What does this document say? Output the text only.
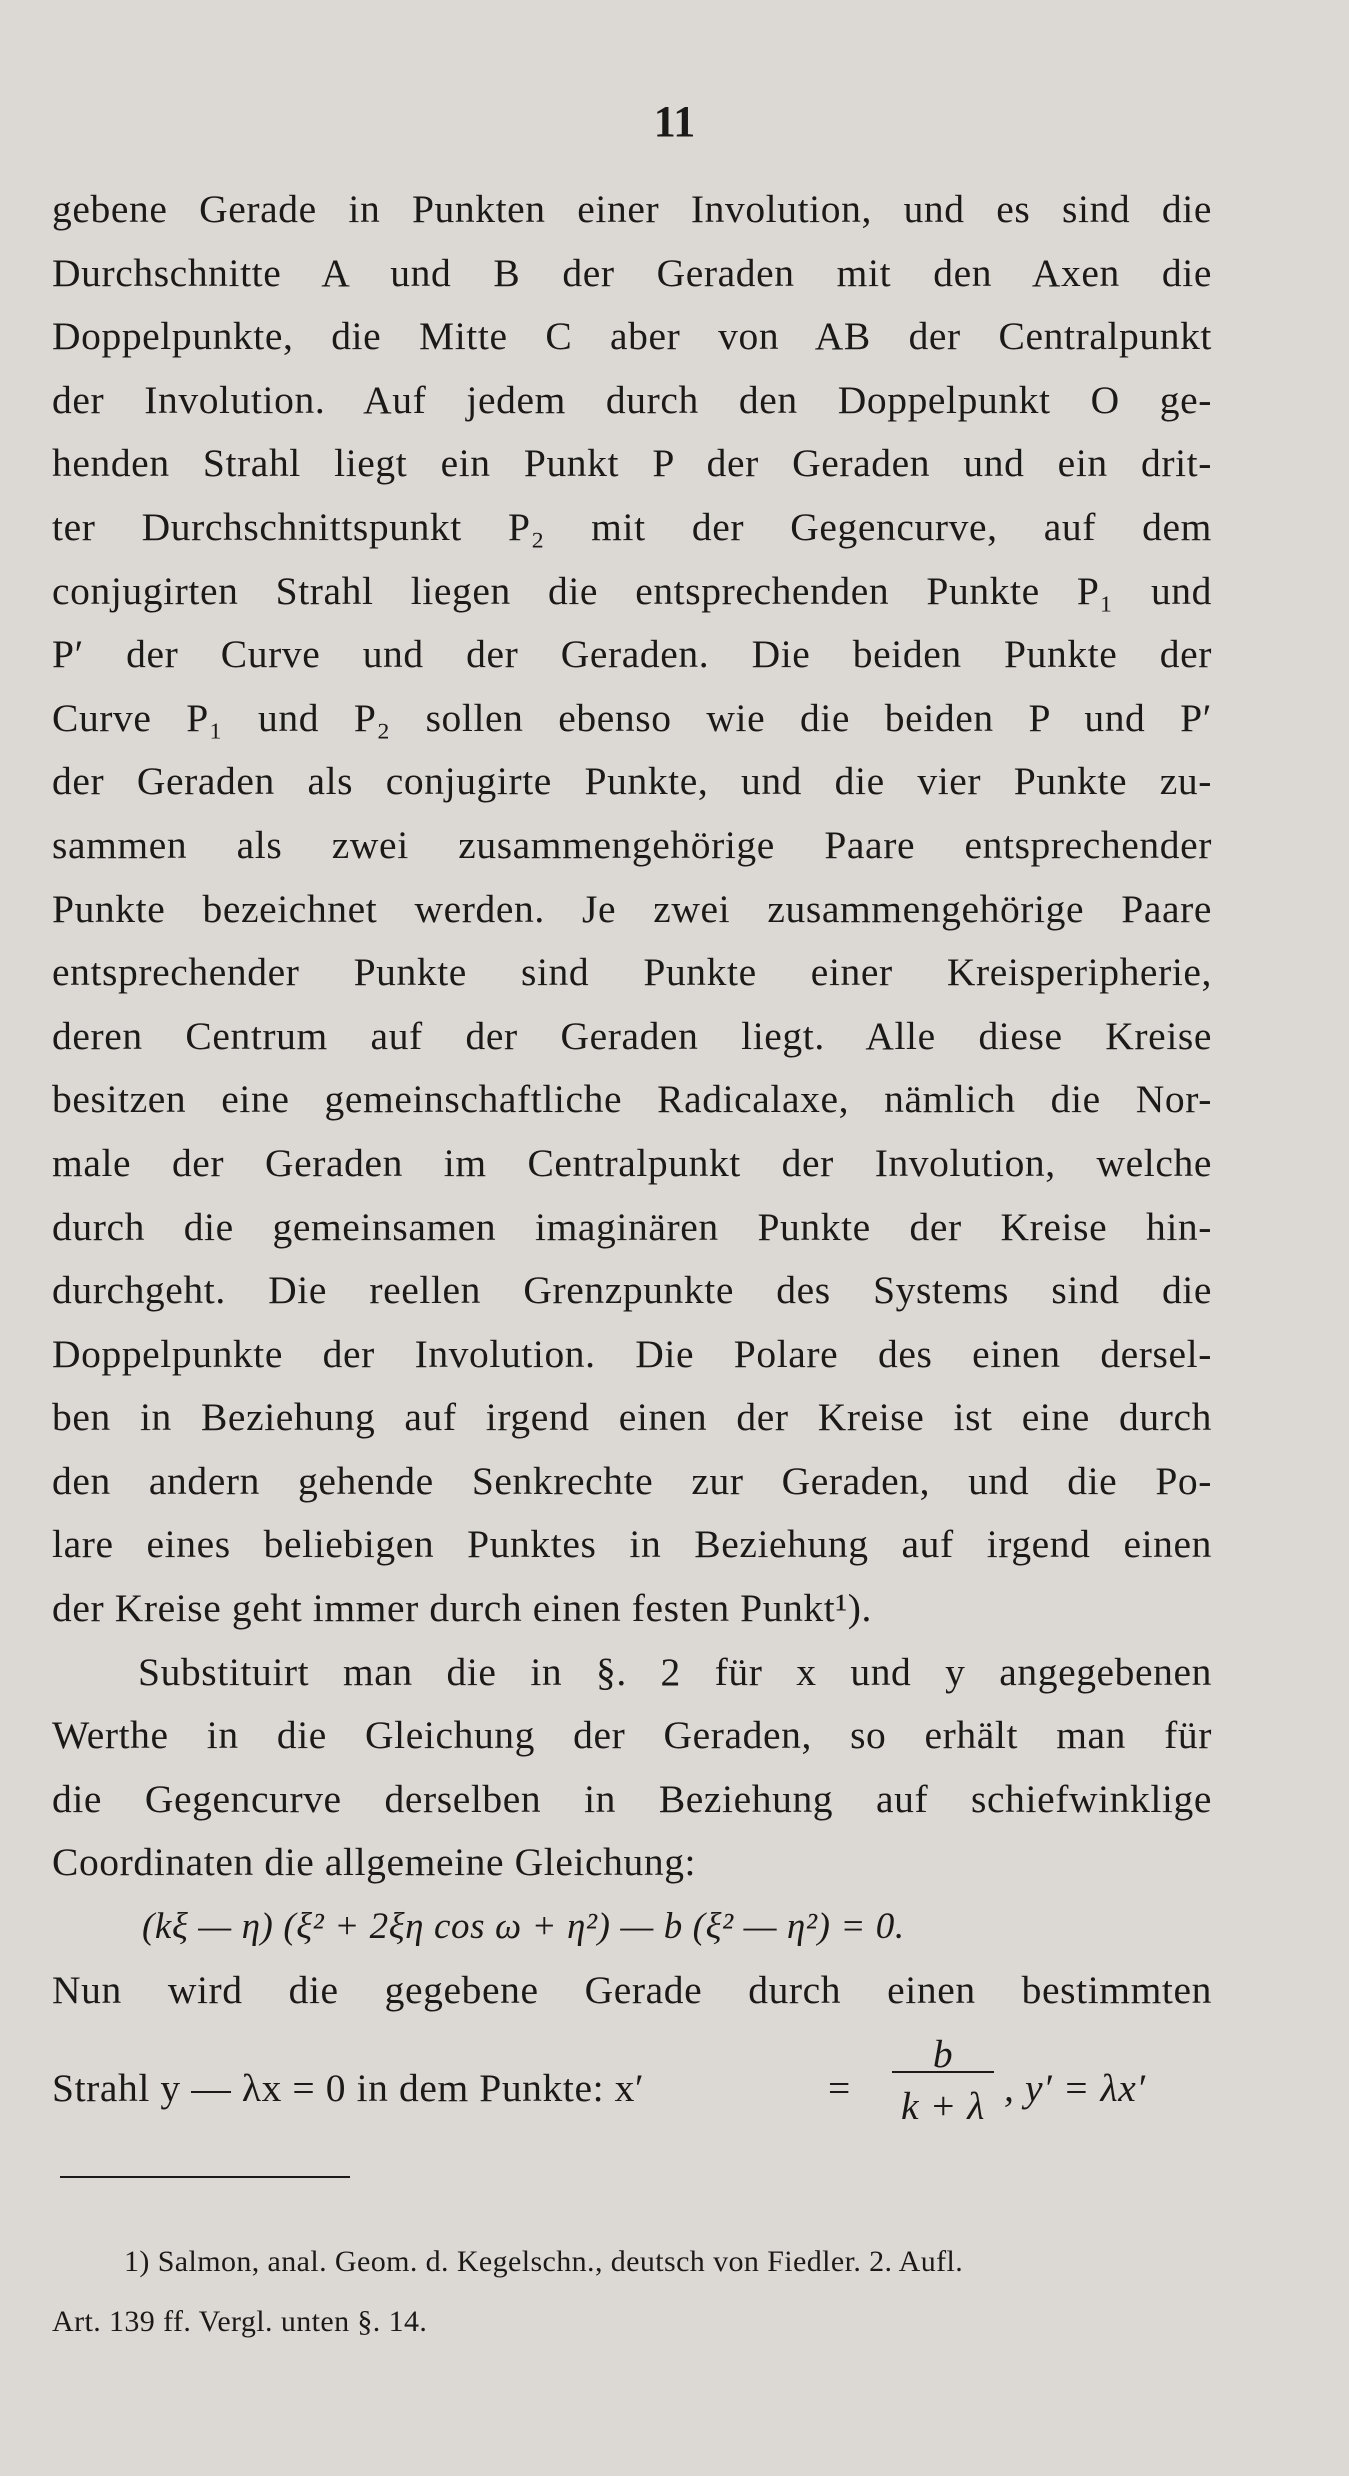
11
gebene Gerade in Punkten einer Involution, und es sind die
Durchschnitte A und B der Geraden mit den Axen die
Doppelpunkte, die Mitte C aber von AB der Centralpunkt
der Involution. Auf jedem durch den Doppelpunkt O ge-
henden Strahl liegt ein Punkt P der Geraden und ein drit-
ter Durchschnittspunkt P₂ mit der Gegencurve, auf dem
conjugirten Strahl liegen die entsprechenden Punkte P₁ und
P′ der Curve und der Geraden. Die beiden Punkte der
Curve P₁ und P₂ sollen ebenso wie die beiden P und P′
der Geraden als conjugirte Punkte, und die vier Punkte zu-
sammen als zwei zusammengehörige Paare entsprechender
Punkte bezeichnet werden. Je zwei zusammengehörige Paare
entsprechender Punkte sind Punkte einer Kreisperipherie,
deren Centrum auf der Geraden liegt. Alle diese Kreise
besitzen eine gemeinschaftliche Radicalaxe, nämlich die Nor-
male der Geraden im Centralpunkt der Involution, welche
durch die gemeinsamen imaginären Punkte der Kreise hin-
durchgeht. Die reellen Grenzpunkte des Systems sind die
Doppelpunkte der Involution. Die Polare des einen dersel-
ben in Beziehung auf irgend einen der Kreise ist eine durch
den andern gehende Senkrechte zur Geraden, und die Po-
lare eines beliebigen Punktes in Beziehung auf irgend einen
der Kreise geht immer durch einen festen Punkt¹).
Substituirt man die in §. 2 für x und y angegebenen
Werthe in die Gleichung der Geraden, so erhält man für
die Gegencurve derselben in Beziehung auf schiefwinklige
Coordinaten die allgemeine Gleichung:
(kξ — η) (ξ² + 2ξη cos ω + η²) — b (ξ² — η²) = 0.
Nun wird die gegebene Gerade durch einen bestimmten
Strahl y — λx = 0 in dem Punkte: x′	=
b
k + λ , y′ = λx′
1) Salmon, anal. Geom. d. Kegelschn., deutsch von Fiedler. 2. Aufl.
Art. 139 ff. Vergl. unten §. 14.
